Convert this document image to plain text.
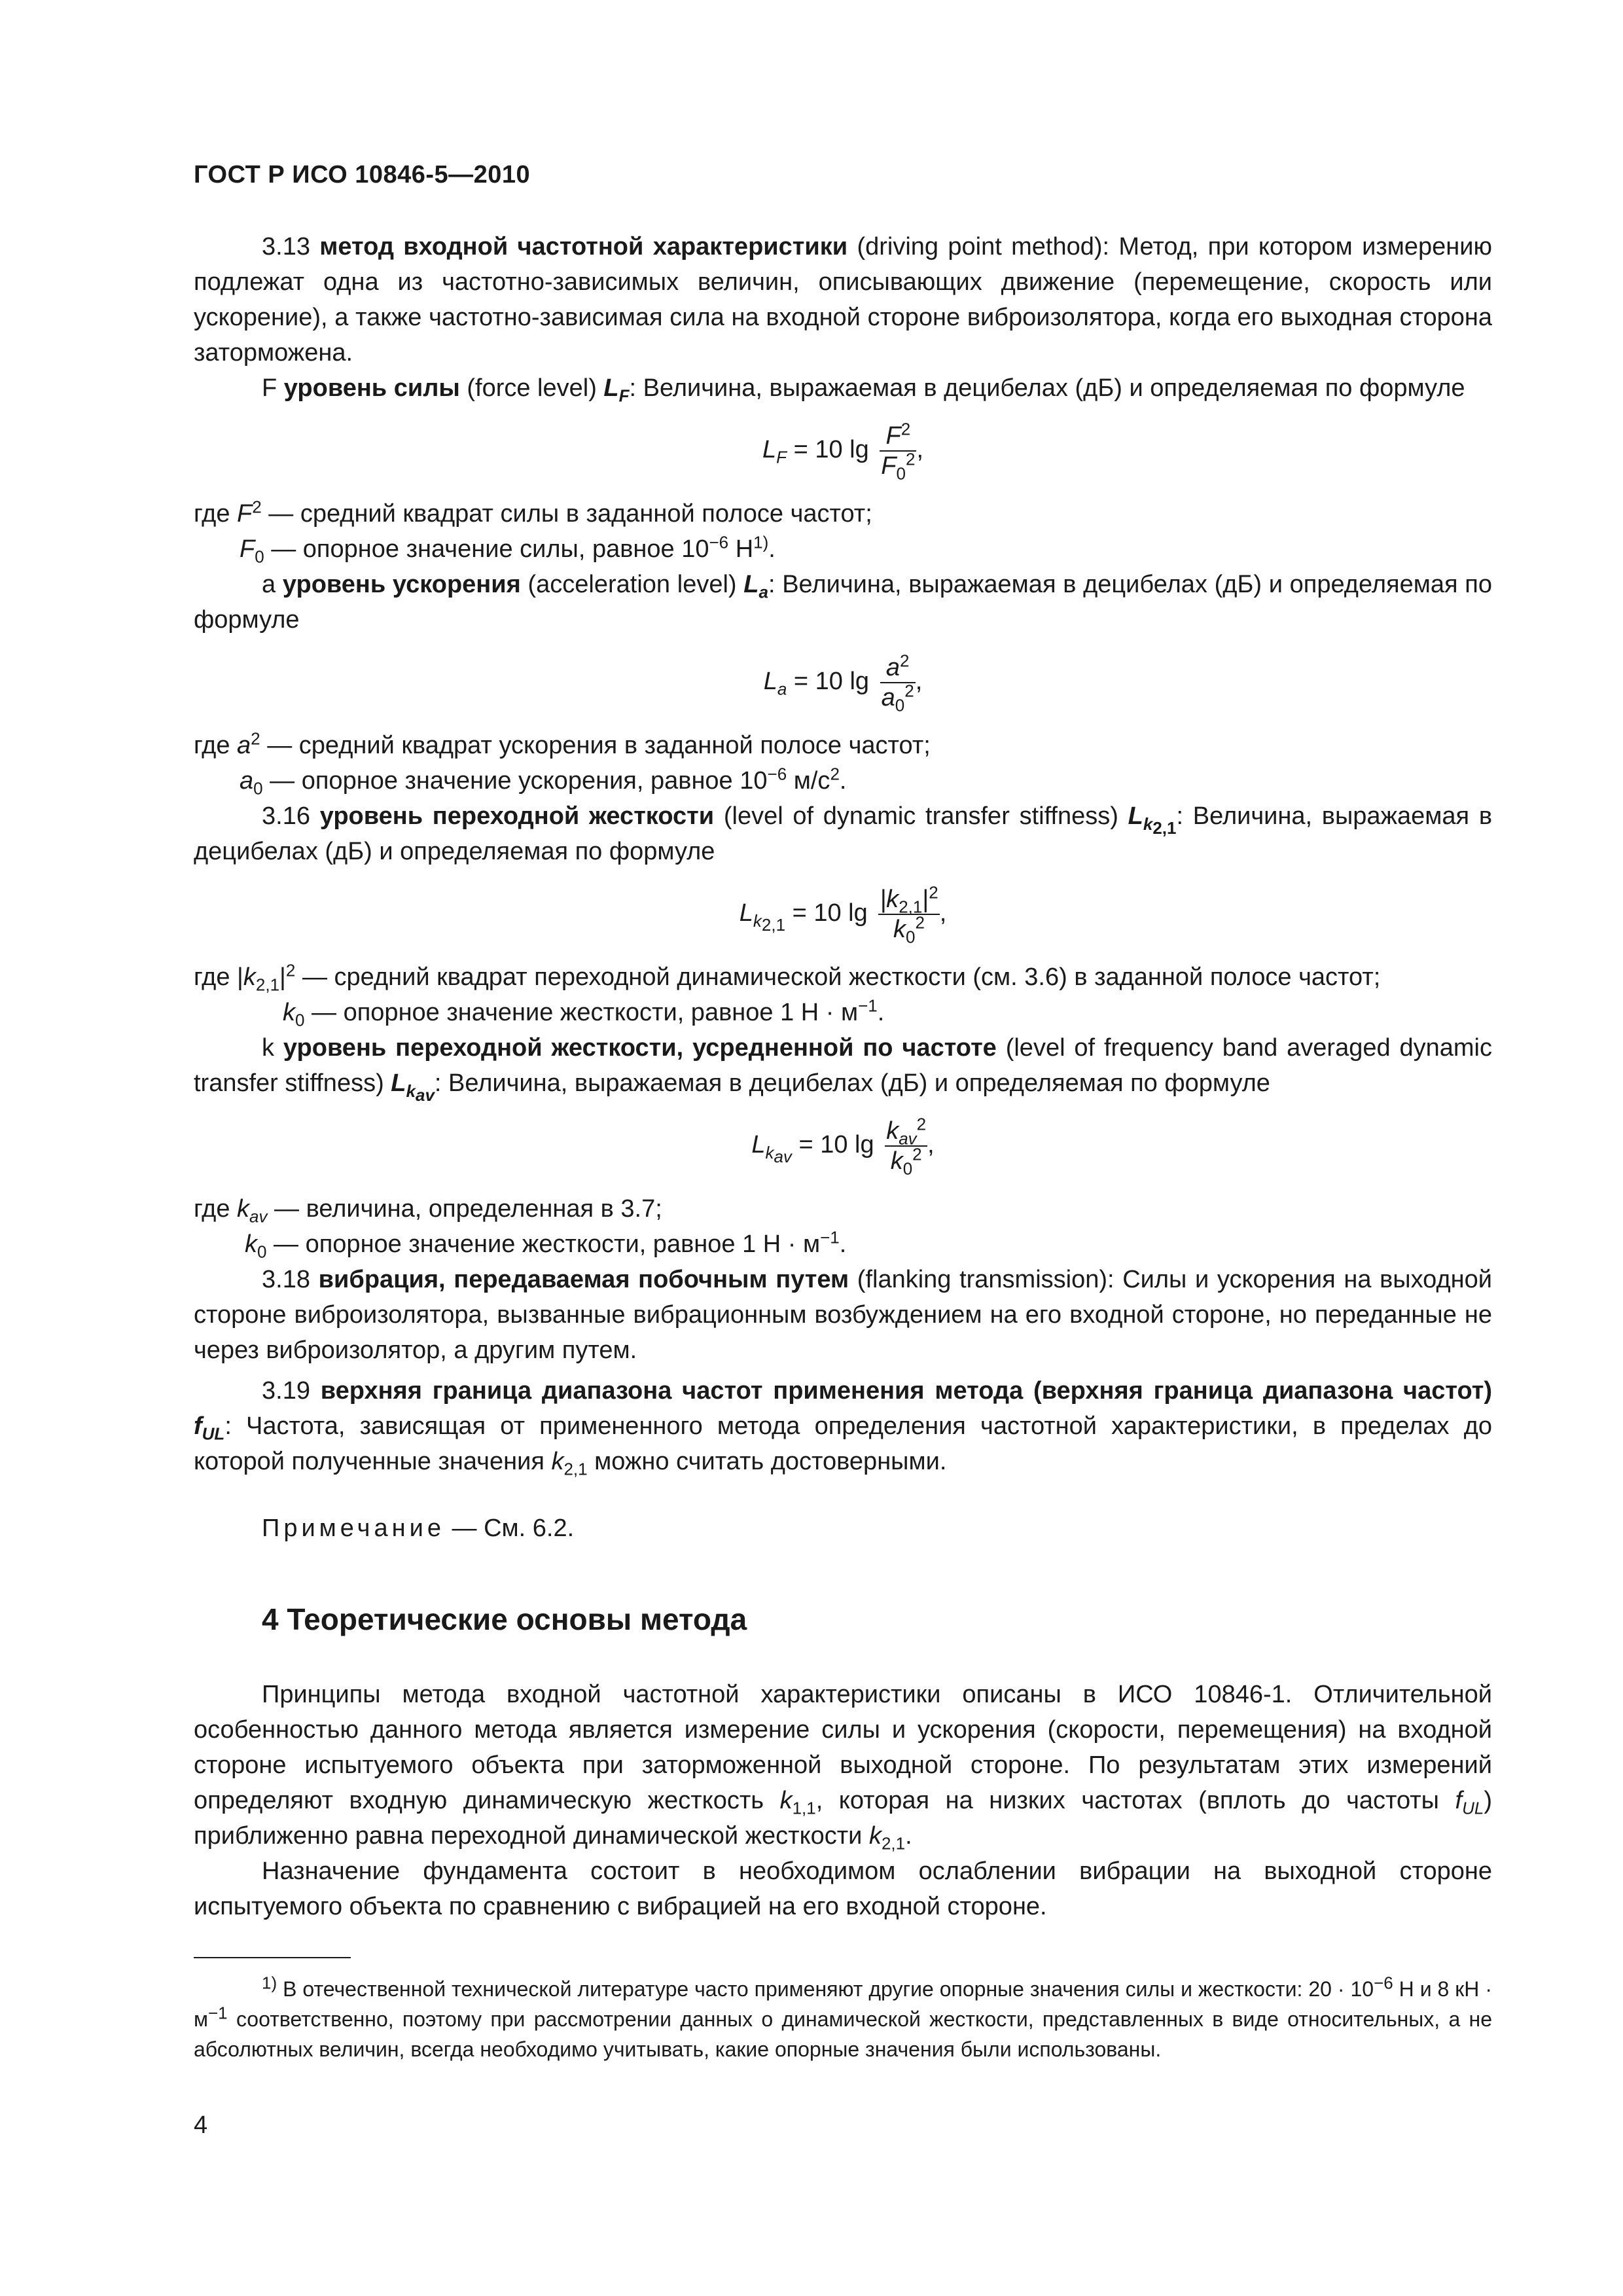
ГОСТ Р ИСО 10846-5—2010

3.13 метод входной частотной характеристики (driving point method): Метод, при котором измерению подлежат одна из частотно-зависимых величин, описывающих движение (перемещение, скорость или ускорение), а также частотно-зависимая сила на входной стороне виброизолятора, когда его выходная сторона заторможена.

F уровень силы (force level) $L_F$: Величина, выражаемая в децибелах (дБ) и определяемая по формуле

$L_F = 10$ $\lg \frac{F^2}{F_0^2}$ ,

где $F^2$ — средний квадрат силы в заданной полосе частот;

$F_0$ — опорное значение силы, равное $10^{-6}$ $Н^{1)}$.

a уровень ускорения (acceleration level) $L_a$: Величина, выражаемая в децибелах (дБ) и определяемая по формуле

$L_a = 10$ $\lg \frac{a^2}{a_0^2}$ ,

где $a^2$ — средний квадрат ускорения в заданной полосе частот;

$a_0$ — опорное значение ускорения, равное $10^{-6}$ $м/с^2$.

3.16 уровень переходной жесткости (level of dynamic transfer stiffness) $L_{k_{2,1}}$: Величина, выражаемая в децибелах (дБ) и определяемая по формуле

$L_{k_{2,1}} = 10$ $\lg \frac{|k_{2,1}|^2}{k_0^2}$ ,

где $|k_{2,1}|^2$ — средний квадрат переходной динамической жесткости (см. 3.6) в заданной полосе частот;

$k_0$ — опорное значение жесткости, равное 1 $Н \cdot м^{-1}$.

k уровень переходной жесткости, усредненной по частоте (level of frequency band averaged dynamic transfer stiffness) $L_{k_{av}}$: Величина, выражаемая в децибелах (дБ) и определяемая по формуле

$L_{k_{av}} = 10$ $\lg \frac{k_{av}^2}{k_0^2}$ ,

где $k_{av}$ — величина, определенная в 3.7;

$k_0$ — опорное значение жесткости, равное 1 $Н \cdot м^{-1}$.

3.18 вибрация, передаваемая побочным путем (flanking transmission): Силы и ускорения на выходной стороне виброизолятора, вызванные вибрационным возбуждением на его входной стороне, но переданные не через виброизолятор, а другим путем.

3.19 верхняя граница диапазона частот применения метода (верхняя граница диапазона частот) $f_{UL}$: Частота, зависящая от примененного метода определения частотной характеристики, в пределах до которой полученные значения $k_{2,1}$ можно считать достоверными.

Примечание — См. 6.2.

4 Теоретические основы метода

Принципы метода входной частотной характеристики описаны в ИСО 10846-1. Отличительной особенностью данного метода является измерение силы и ускорения (скорости, перемещения) на входной стороне испытуемого объекта при заторможенной выходной стороне. По результатам этих измерений определяют входную динамическую жесткость $k_{1,1}$, которая на низких частотах (вплоть до частоты $f_{UL}$) приближенно равна переходной динамической жесткости $k_{2,1}$.

Назначение фундамента состоит в необходимом ослаблении вибрации на выходной стороне испытуемого объекта по сравнению с вибрацией на его входной стороне.

$^{1)}$ В отечественной технической литературе часто применяют другие опорные значения силы и жесткости: $20 \cdot 10^{-6}$ Н и 8 кН · $м^{-1}$ соответственно, поэтому при рассмотрении данных о динамической жесткости, представленных в виде относительных, а не абсолютных величин, всегда необходимо учитывать, какие опорные значения были использованы.

4
